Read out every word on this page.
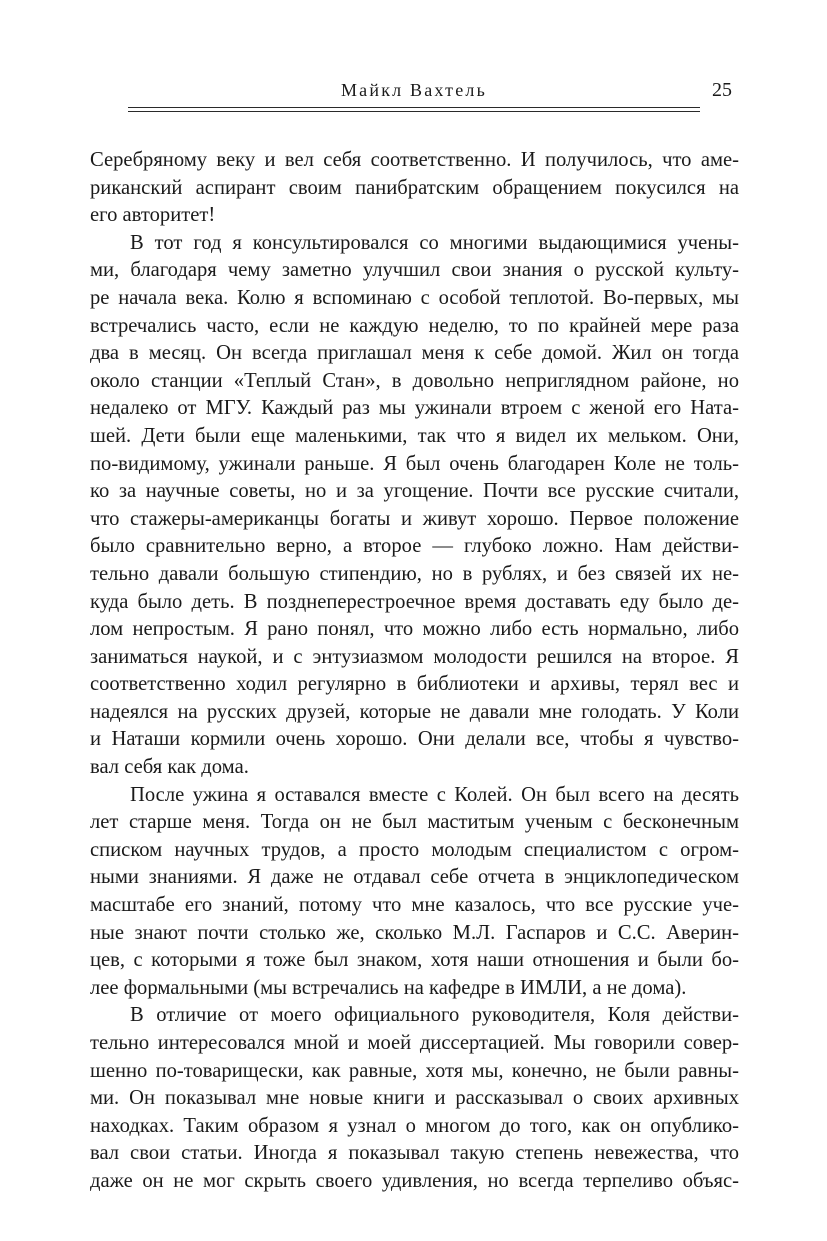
Майкл Вахтель	25
Серебряному веку и вел себя соответственно. И получилось, что аме-
риканский аспирант своим панибратским обращением покусился на
его авторитет!
В тот год я консультировался со многими выдающимися учены-
ми, благодаря чему заметно улучшил свои знания о русской культу-
ре начала века. Колю я вспоминаю с особой теплотой. Во-первых, мы
встречались часто, если не каждую неделю, то по крайней мере раза
два в месяц. Он всегда приглашал меня к себе домой. Жил он тогда
около станции «Теплый Стан», в довольно неприглядном районе, но
недалеко от МГУ. Каждый раз мы ужинали втроем с женой его Ната-
шей. Дети были еще маленькими, так что я видел их мельком. Они,
по-видимому, ужинали раньше. Я был очень благодарен Коле не толь-
ко за научные советы, но и за угощение. Почти все русские считали,
что стажеры-американцы богаты и живут хорошо. Первое положение
было сравнительно верно, а второе — глубоко ложно. Нам действи-
тельно давали большую стипендию, но в рублях, и без связей их не-
куда было деть. В позднеперестроечное время доставать еду было де-
лом непростым. Я рано понял, что можно либо есть нормально, либо
заниматься наукой, и с энтузиазмом молодости решился на второе. Я
соответственно ходил регулярно в библиотеки и архивы, терял вес и
надеялся на русских друзей, которые не давали мне голодать. У Коли
и Наташи кормили очень хорошо. Они делали все, чтобы я чувство-
вал себя как дома.
После ужина я оставался вместе с Колей. Он был всего на десять
лет старше меня. Тогда он не был маститым ученым с бесконечным
списком научных трудов, а просто молодым специалистом с огром-
ными знаниями. Я даже не отдавал себе отчета в энциклопедическом
масштабе его знаний, потому что мне казалось, что все русские уче-
ные знают почти столько же, сколько М.Л. Гаспаров и С.С. Аверин-
цев, с которыми я тоже был знаком, хотя наши отношения и были бо-
лее формальными (мы встречались на кафедре в ИМЛИ, а не дома).
В отличие от моего официального руководителя, Коля действи-
тельно интересовался мной и моей диссертацией. Мы говорили совер-
шенно по-товарищески, как равные, хотя мы, конечно, не были равны-
ми. Он показывал мне новые книги и рассказывал о своих архивных
находках. Таким образом я узнал о многом до того, как он опублико-
вал свои статьи. Иногда я показывал такую степень невежества, что
даже он не мог скрыть своего удивления, но всегда терпеливо объяс-
